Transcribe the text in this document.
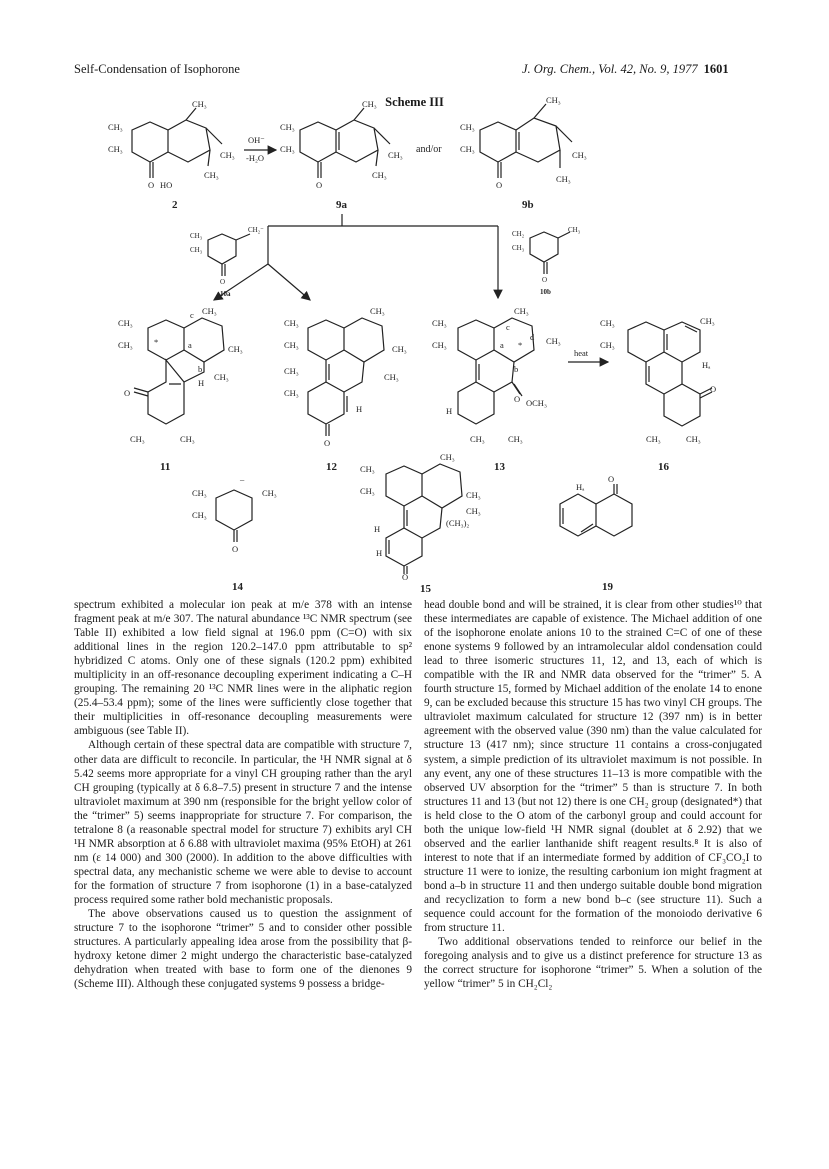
Self-Condensation of Isophorone	J. Org. Chem., Vol. 42, No. 9, 1977 1601
Scheme III
CH₃
CH₃
CH₃
CH₃
CH₃
O HO
2
OH⁻
-H₂O
CH₃
CH₃
CH₃
CH₃
CH₃
O
9a
and/or
CH₃
CH₃
CH₃
CH₃
CH₃
O
9b
CH₃
CH₃
CH₂⁻
O
10a
CH₂
CH₃
CH₃
O
10b
CH₃
CH₃
CH₃
CH₃
CH₃
O
H
CH₃	CH₃
*	a
b
c
11
CH₃
CH₃
CH₃
CH₃
CH₃
CH₃
CH₃
H
O
12
CH₃
CH₃
CH₃
CH₃
OCH₃
H
O
CH₃	CH₃
a
b
c
d
*
13
heat
CH₃
CH₃
CH₃
Hₐ
O
CH₃	CH₃
16
CH₃
CH₃
CH₃
–
O
14
CH₃
CH₃
CH₃
CH₃
CH₃
(CH₃)₂
H
H
O
15
O
Hₐ
19

spectrum exhibited a molecular ion peak at m/e 378 with an intense fragment peak at m/e 307. The natural abundance ¹³C NMR spectrum (see Table II) exhibited a low field signal at 196.0 ppm (C=O) with six additional lines in the region 120.2–147.0 ppm attributable to sp² hybridized C atoms. Only one of these signals (120.2 ppm) exhibited multiplicity in an off-resonance decoupling experiment indicating a C–H grouping. The remaining 20 ¹³C NMR lines were in the aliphatic region (25.4–53.4 ppm); some of the lines were sufficiently close together that their multiplicities in off-resonance decoupling measurements were ambiguous (see Table II).

Although certain of these spectral data are compatible with structure 7, other data are difficult to reconcile. In particular, the ¹H NMR signal at δ 5.42 seems more appropriate for a vinyl CH grouping rather than the aryl CH grouping (typically at δ 6.8–7.5) present in structure 7 and the intense ultraviolet maximum at 390 nm (responsible for the bright yellow color of the “trimer” 5) seems inappropriate for structure 7. For comparison, the tetralone 8 (a reasonable spectral model for structure 7) exhibits aryl CH ¹H NMR absorption at δ 6.88 with ultraviolet maxima (95% EtOH) at 261 nm (ε 14 000) and 300 (2000). In addition to the above difficulties with spectral data, any mechanistic scheme we were able to devise to account for the formation of structure 7 from isophorone (1) in a base-catalyzed process required some rather bold mechanistic proposals.

The above observations caused us to question the assignment of structure 7 to the isophorone “trimer” 5 and to consider other possible structures. A particularly appealing idea arose from the possibility that β-hydroxy ketone dimer 2 might undergo the characteristic base-catalyzed dehydration when treated with base to form one of the dienones 9 (Scheme III). Although these conjugated systems 9 possess a bridge-

head double bond and will be strained, it is clear from other studies¹⁰ that these intermediates are capable of existence. The Michael addition of one of the isophorone enolate anions 10 to the strained C=C of one of these enone systems 9 followed by an intramolecular aldol condensation could lead to three isomeric structures 11, 12, and 13, each of which is compatible with the IR and NMR data observed for the “trimer” 5. A fourth structure 15, formed by Michael addition of the enolate 14 to enone 9, can be excluded because this structure 15 has two vinyl CH groups. The ultraviolet maximum calculated for structure 12 (397 nm) is in better agreement with the observed value (390 nm) than the value calculated for structure 13 (417 nm); since structure 11 contains a cross-conjugated system, a simple prediction of its ultraviolet maximum is not possible. In any event, any one of these structures 11–13 is more compatible with the observed UV absorption for the “trimer” 5 than is structure 7. In both structures 11 and 13 (but not 12) there is one CH₂ group (designated*) that is held close to the O atom of the carbonyl group and could account for both the unique low-field ¹H NMR signal (doublet at δ 2.92) that we observed and the earlier lanthanide shift reagent results.⁸ It is also of interest to note that if an intermediate formed by addition of CF₃CO₂I to structure 11 were to ionize, the resulting carbonium ion might fragment at bond a–b in structure 11 and then undergo suitable double bond migration and recyclization to form a new bond b–c (see structure 11). Such a sequence could account for the formation of the monoiodo derivative 6 from structure 11.

Two additional observations tended to reinforce our belief in the foregoing analysis and to give us a distinct preference for structure 13 as the correct structure for isophorone “trimer” 5. When a solution of the yellow “trimer” 5 in CH₂Cl₂
